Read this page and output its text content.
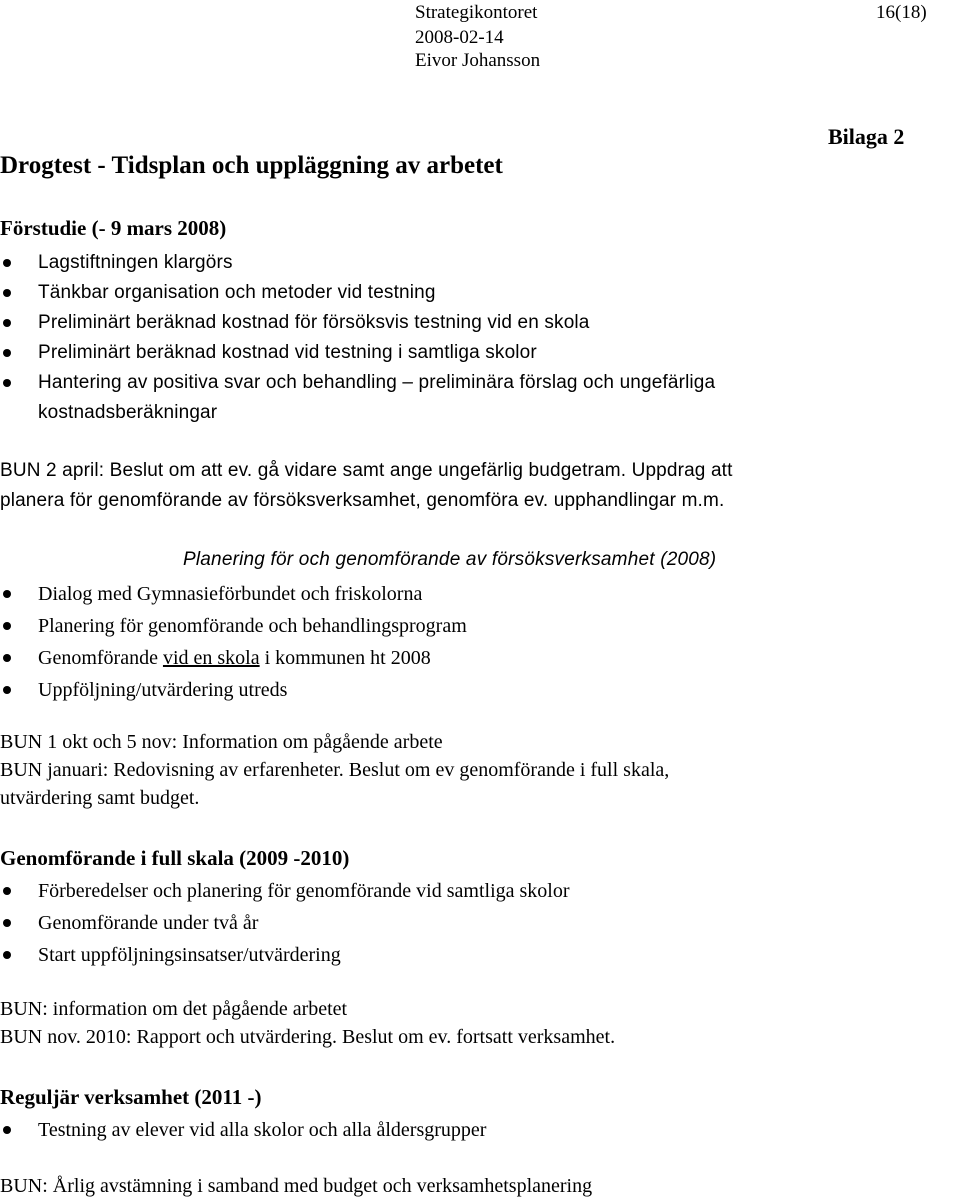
Strategikontoret	16(18)
2008-02-14
Eivor Johansson
Bilaga 2
Drogtest - Tidsplan och uppläggning av arbetet
Förstudie (- 9 mars 2008)
Lagstiftningen klargörs
Tänkbar organisation och metoder vid testning
Preliminärt beräknad kostnad för försöksvis testning vid en skola
Preliminärt beräknad kostnad vid testning i samtliga skolor
Hantering av positiva svar och behandling – preliminära förslag och ungefärliga
kostnadsberäkningar
BUN 2 april: Beslut om att ev. gå vidare samt ange ungefärlig budgetram. Uppdrag att
planera för genomförande av försöksverksamhet, genomföra ev. upphandlingar m.m.
Planering för och genomförande av försöksverksamhet (2008)
Dialog med Gymnasieförbundet och friskolorna
Planering för genomförande och behandlingsprogram
Genomförande vid en skola i kommunen ht 2008
Uppföljning/utvärdering utreds
BUN 1 okt och 5 nov: Information om pågående arbete
BUN januari: Redovisning av erfarenheter. Beslut om ev genomförande i full skala,
utvärdering samt budget.
Genomförande i full skala (2009 -2010)
Förberedelser och planering för genomförande vid samtliga skolor
Genomförande under två år
Start uppföljningsinsatser/utvärdering
BUN: information om det pågående arbetet
BUN nov. 2010: Rapport och utvärdering. Beslut om ev. fortsatt verksamhet.
Reguljär verksamhet (2011 -)
Testning av elever vid alla skolor och alla åldersgrupper
BUN: Årlig avstämning i samband med budget och verksamhetsplanering
